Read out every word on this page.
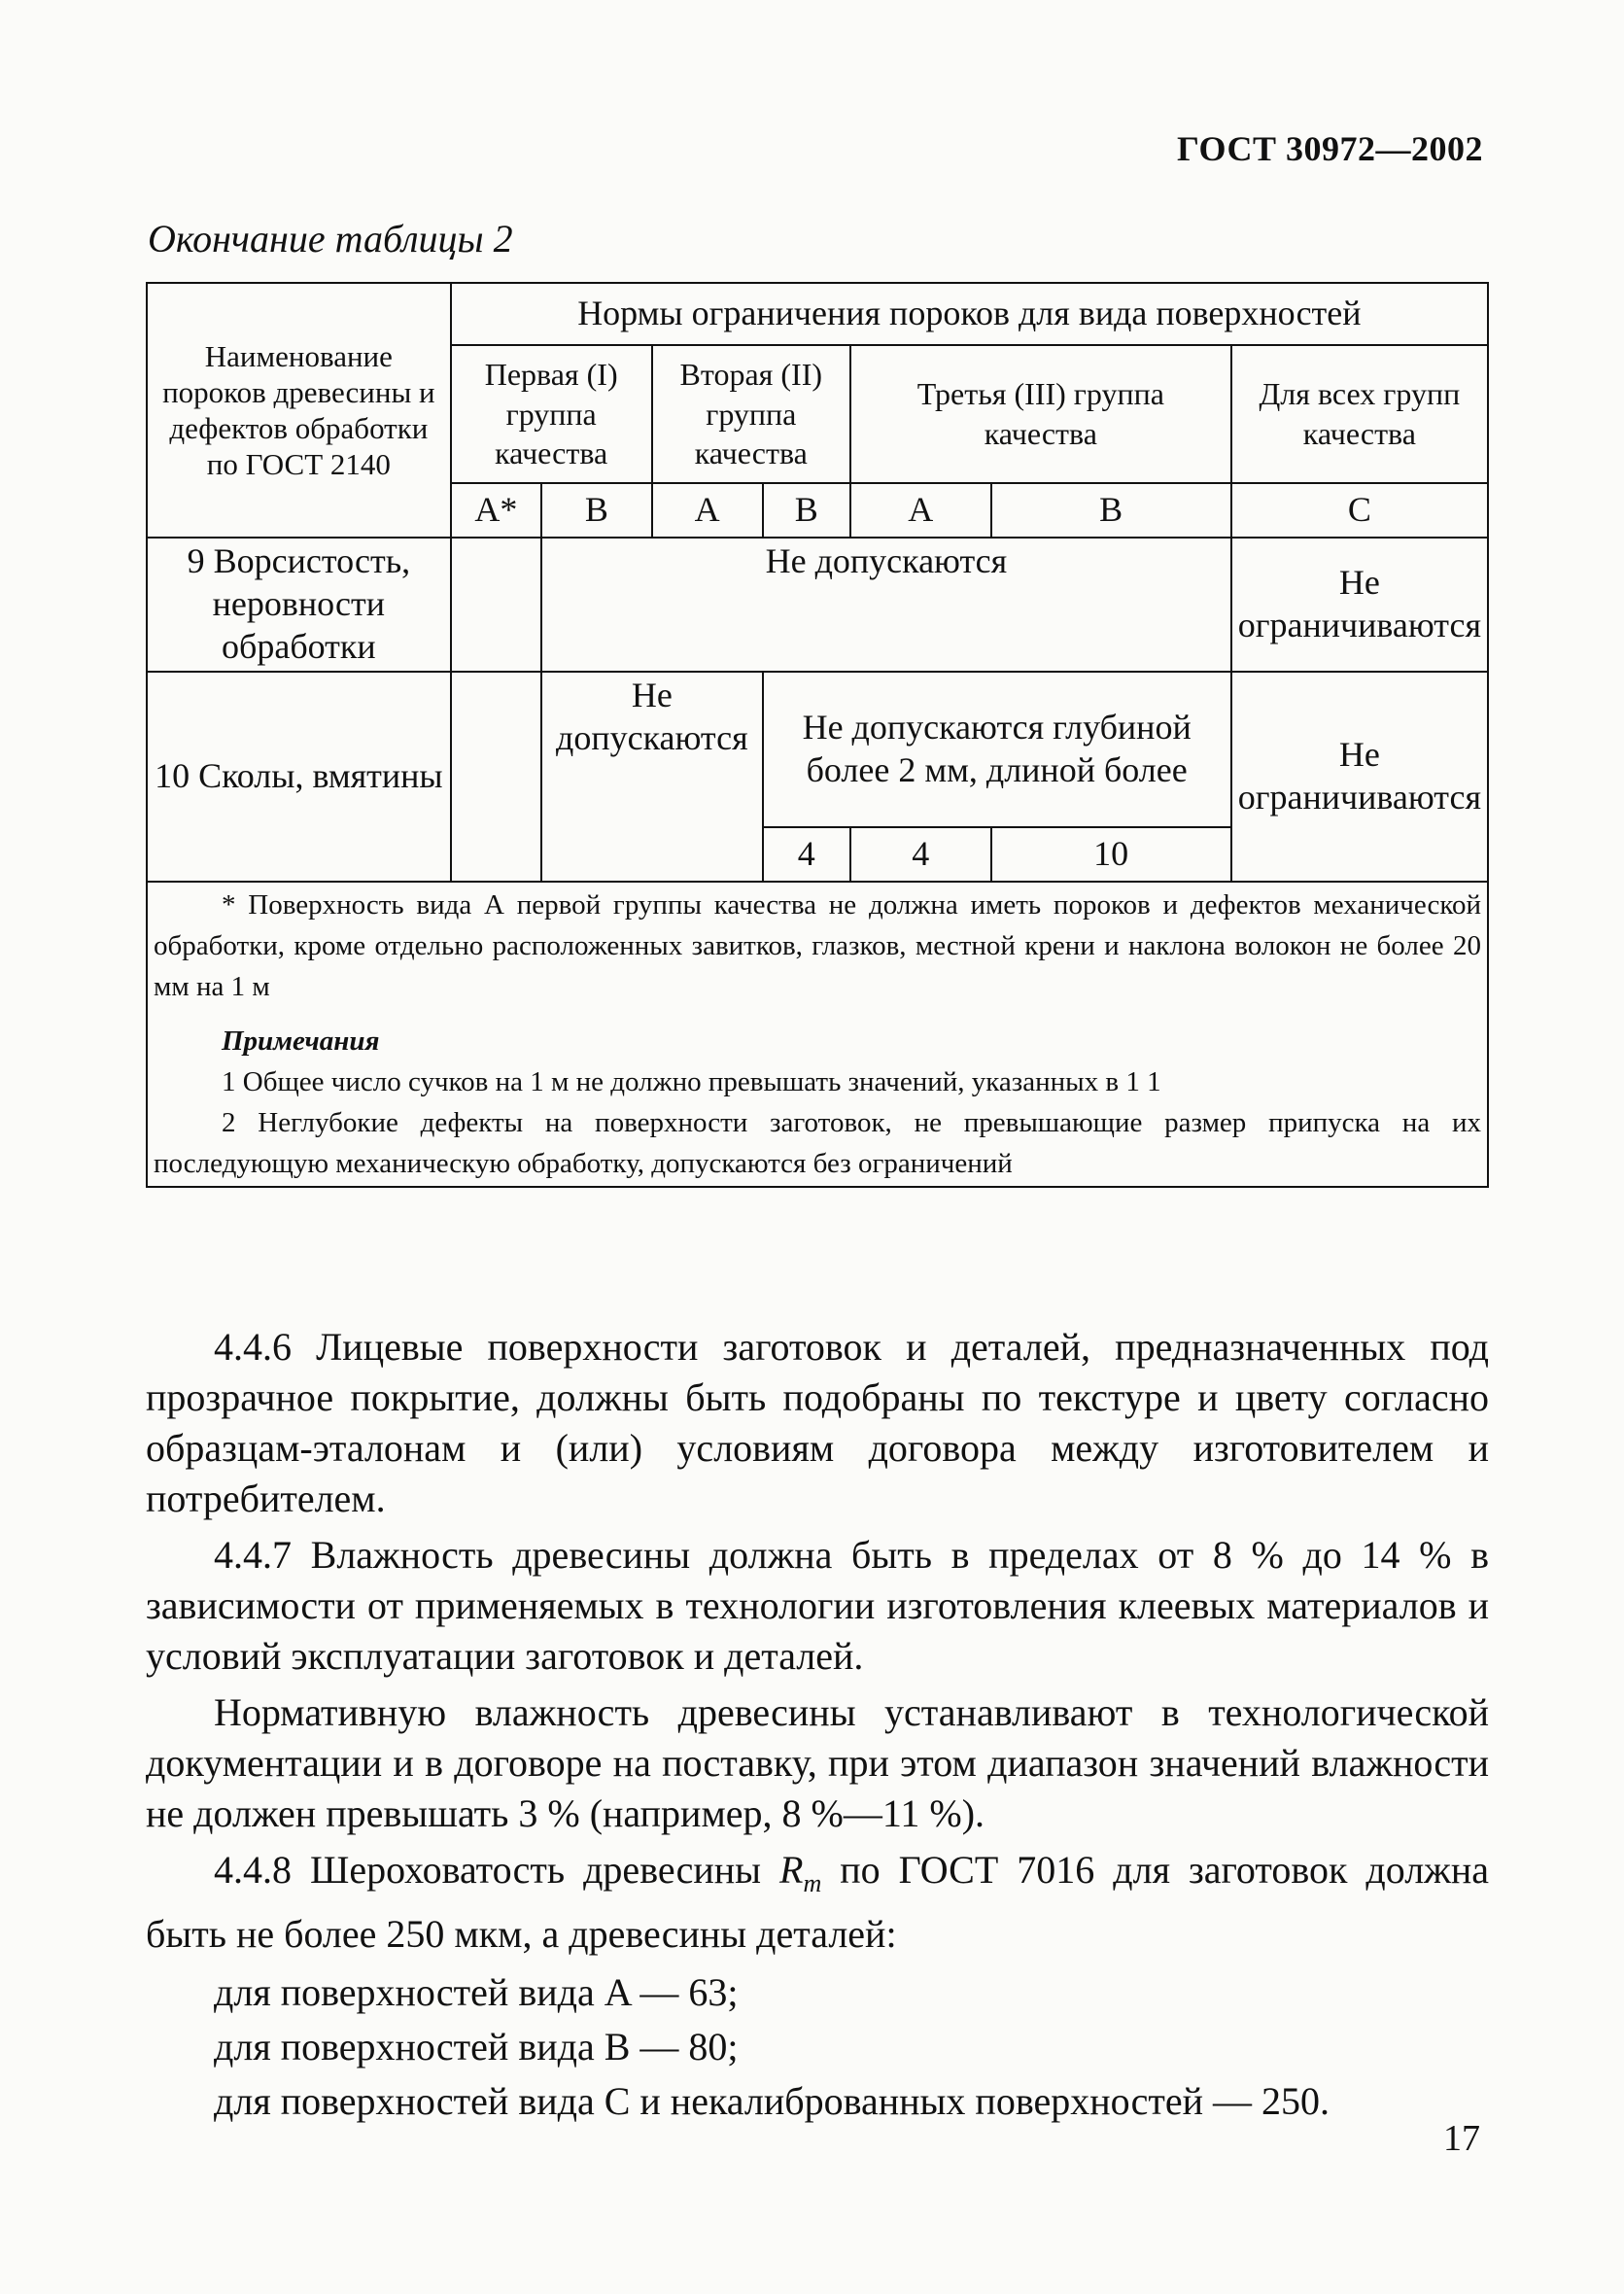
ГОСТ 30972—2002
Окончание таблицы 2
Наименование пороков древесины и дефектов обработки по ГОСТ 2140	Нормы ограничения пороков для вида поверхностей						
	Первая (I) группа качества		Вторая (II) группа качества		Третья (III) группа качества		Для всех групп качества
	A*	B	A	B	A	B	C
9 Ворсистость, неровности обработки		Не допускаются					Не ограничиваются
10 Сколы, вмятины		Не допускаются		Не допускаются глубиной более 2 мм, длиной более			Не ограничиваются
				4	4	10	

* Поверхность вида А первой группы качества не должна иметь пороков и дефектов механической обработки, кроме отдельно расположенных завитков, глазков, местной крени и наклона волокон не более 20 мм на 1 м

Примечания

1 Общее число сучков на 1 м не должно превышать значений, указанных в 1 1

2 Неглубокие дефекты на поверхности заготовок, не превышающие размер припуска на их последующую механическую обработку, допускаются без ограничений							

4.4.6 Лицевые поверхности заготовок и деталей, предназначенных под прозрачное покрытие, должны быть подобраны по текстуре и цвету согласно образцам-эталонам и (или) условиям договора между изготовителем и потребителем.

4.4.7 Влажность древесины должна быть в пределах от 8 % до 14 % в зависимости от применяемых в технологии изготовления клеевых материалов и условий эксплуатации заготовок и деталей.

Нормативную влажность древесины устанавливают в технологической документации и в договоре на поставку, при этом диапазон значений влажности не должен превышать 3 % (например, 8 %—11 %).

4.4.8 Шероховатость древесины $R_m$ по ГОСТ 7016 для заготовок должна быть не более 250 мкм, а древесины деталей:

для поверхностей вида A — 63;
для поверхностей вида B — 80;
для поверхностей вида C и некалиброванных поверхностей — 250.
17
